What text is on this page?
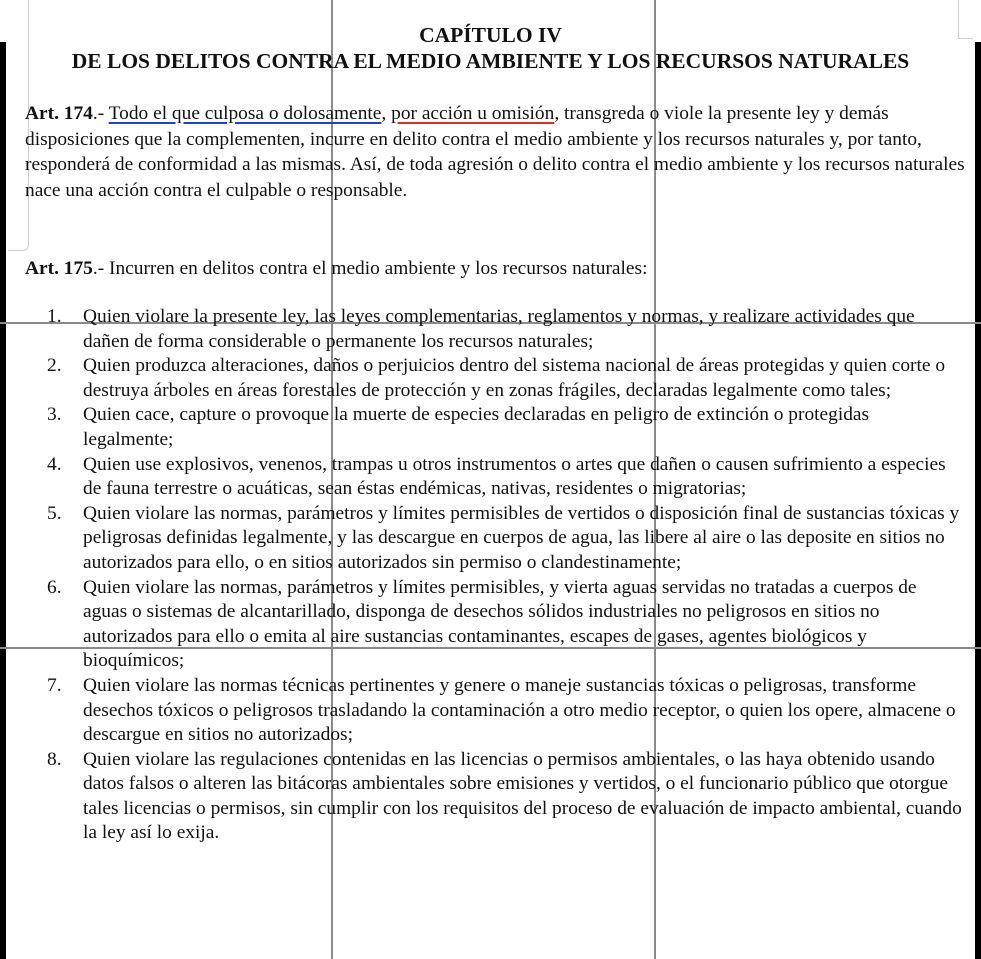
CAPÍTULO IV
DE LOS DELITOS CONTRA EL MEDIO AMBIENTE Y LOS RECURSOS NATURALES

Art. 174.- Todo el que culposa o dolosamente, por acción u omisión, transgreda o viole la presente ley y demás disposiciones que la complementen, incurre en delito contra el medio ambiente y los recursos naturales y, por tanto, responderá de conformidad a las mismas. Así, de toda agresión o delito contra el medio ambiente y los recursos naturales nace una acción contra el culpable o responsable.

Art. 175.- Incurren en delitos contra el medio ambiente y los recursos naturales:

1. Quien violare la presente ley, las leyes complementarias, reglamentos y normas, y realizare actividades que dañen de forma considerable o permanente los recursos naturales;
2. Quien produzca alteraciones, daños o perjuicios dentro del sistema nacional de áreas protegidas y quien corte o destruya árboles en áreas forestales de protección y en zonas frágiles, declaradas legalmente como tales;
3. Quien cace, capture o provoque la muerte de especies declaradas en peligro de extinción o protegidas legalmente;
4. Quien use explosivos, venenos, trampas u otros instrumentos o artes que dañen o causen sufrimiento a especies de fauna terrestre o acuáticas, sean éstas endémicas, nativas, residentes o migratorias;
5. Quien violare las normas, parámetros y límites permisibles de vertidos o disposición final de sustancias tóxicas y peligrosas definidas legalmente, y las descargue en cuerpos de agua, las libere al aire o las deposite en sitios no autorizados para ello, o en sitios autorizados sin permiso o clandestinamente;
6. Quien violare las normas, parámetros y límites permisibles, y vierta aguas servidas no tratadas a cuerpos de aguas o sistemas de alcantarillado, disponga de desechos sólidos industriales no peligrosos en sitios no autorizados para ello o emita al aire sustancias contaminantes, escapes de gases, agentes biológicos y bioquímicos;
7. Quien violare las normas técnicas pertinentes y genere o maneje sustancias tóxicas o peligrosas, transforme desechos tóxicos o peligrosos trasladando la contaminación a otro medio receptor, o quien los opere, almacene o descargue en sitios no autorizados;
8. Quien violare las regulaciones contenidas en las licencias o permisos ambientales, o las haya obtenido usando datos falsos o alteren las bitácoras ambientales sobre emisiones y vertidos, o el funcionario público que otorgue tales licencias o permisos, sin cumplir con los requisitos del proceso de evaluación de impacto ambiental, cuando la ley así lo exija.
